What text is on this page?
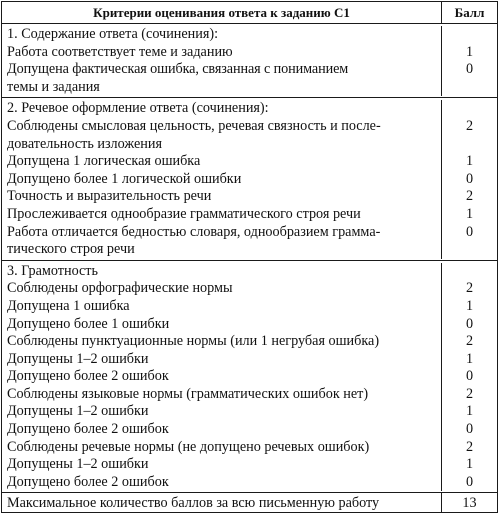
Критерии оценивания ответа к заданию С1	Балл
1. Содержание ответа (сочинения):
Работа соответствует теме и заданию
Допущена фактическая ошибка, связанная с пониманием
темы и задания

1
0

2. Речевое оформление ответа (сочинения):
Соблюдены смысловая цельность, речевая связность и после-
довательность изложения
Допущена 1 логическая ошибка
Допущено более 1 логической ошибки
Точность и выразительность речи
Прослеживается однообразие грамматического строя речи
Работа отличается бедностью словаря, однообразием грамма-
тического строя речи

2

1
0
2
1
0

3. Грамотность
Соблюдены орфографические нормы
Допущена 1 ошибка
Допущено более 1 ошибки
Соблюдены пунктуационные нормы (или 1 негрубая ошибка)
Допущены 1–2 ошибки
Допущено более 2 ошибок
Соблюдены языковые нормы (грамматических ошибок нет)
Допущены 1–2 ошибки
Допущено более 2 ошибок
Соблюдены речевые нормы (не допущено речевых ошибок)
Допущены 1–2 ошибки
Допущено более 2 ошибок

2
1
0
2
1
0
2
1
0
2
1
0
Максимальное количество баллов за всю письменную работу	13
